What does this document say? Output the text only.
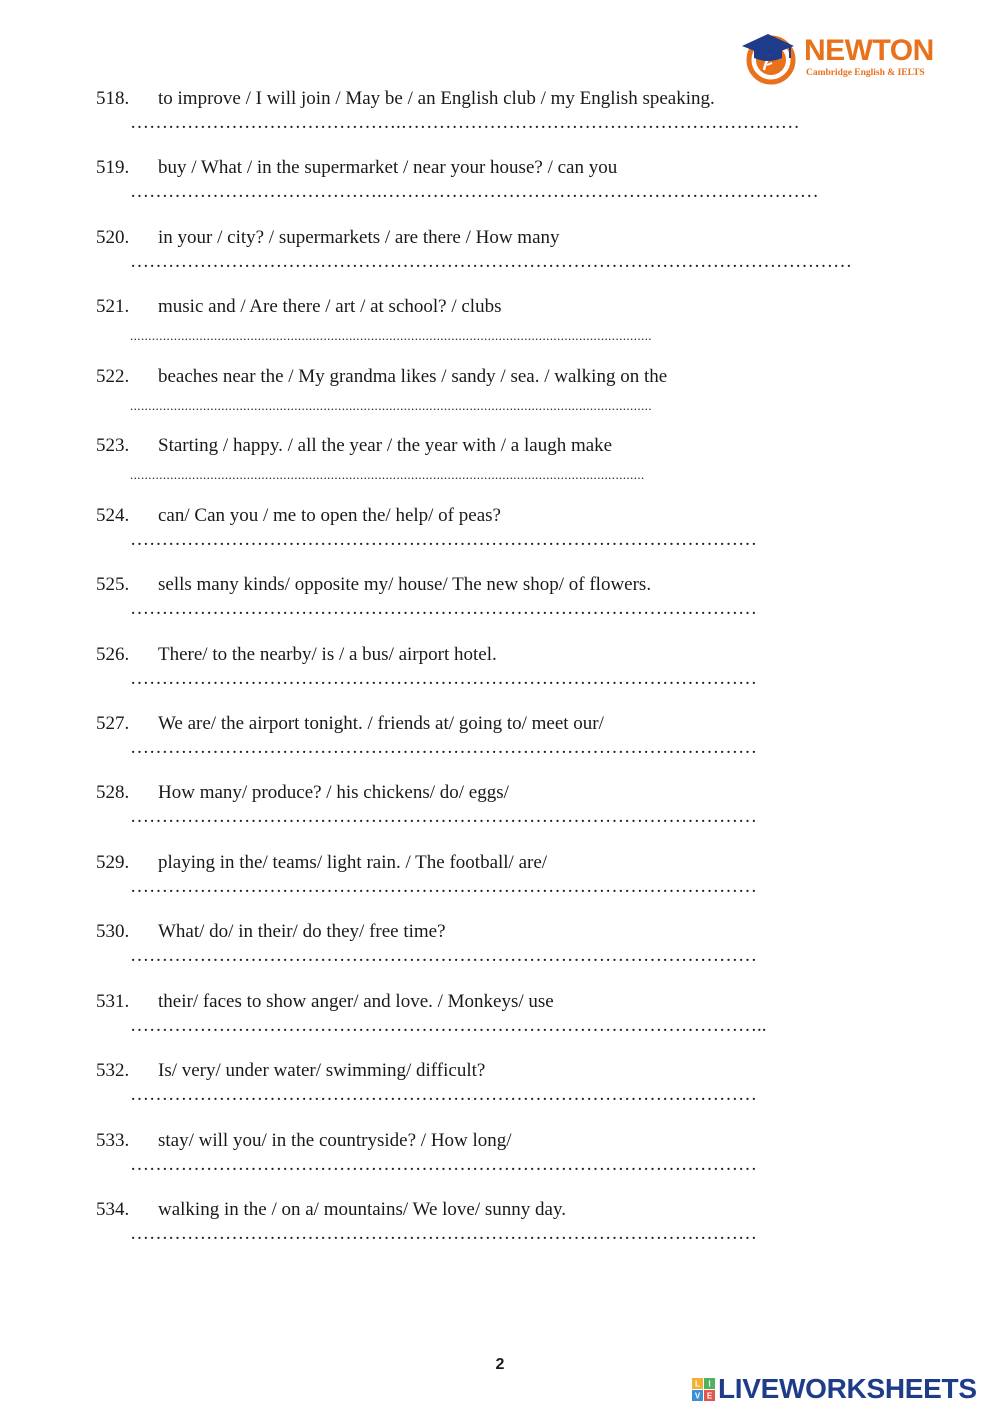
NEWTON
Cambridge English & IELTS
518. to improve / I will join / May be / an English club / my English speaking.
…………………………………….………………………………………………………
519. buy / What / in the supermarket / near your house? / can you
………………………………….……………………………………………………………
520. in your / city? / supermarkets / are there / How many
……………………………………………………………………………………………………
521. music and / Are there / art / at school? / clubs
...............................................................................................................................................
522. beaches near the / My grandma likes / sandy / sea. / walking on the
...............................................................................................................................................
523. Starting / happy. / all the year / the year with / a laugh make
.............................................................................................................................................
524. can/ Can you / me to open the/ help/ of peas?
………………………………………………………………………………………
525. sells many kinds/ opposite my/ house/ The new shop/ of flowers.
………………………………………………………………………………………
526. There/ to the nearby/ is / a bus/ airport hotel.
………………………………………………………………………………………
527. We are/ the airport tonight. / friends at/ going to/ meet our/
………………………………………………………………………………………
528. How many/ produce? / his chickens/ do/ eggs/
………………………………………………………………………………………
529. playing in the/ teams/ light rain. / The football/ are/
………………………………………………………………………………………
530. What/ do/ in their/ do they/ free time?
………………………………………………………………………………………
531. their/ faces to show anger/ and love. / Monkeys/ use
………………………………………………………………………………………..
532. Is/ very/ under water/ swimming/ difficult?
………………………………………………………………………………………
533. stay/ will you/ in the countryside? / How long/
………………………………………………………………………………………
534. walking in the / on a/ mountains/ We love/ sunny day.
………………………………………………………………………………………
2
L I
V E LIVEWORKSHEETS
